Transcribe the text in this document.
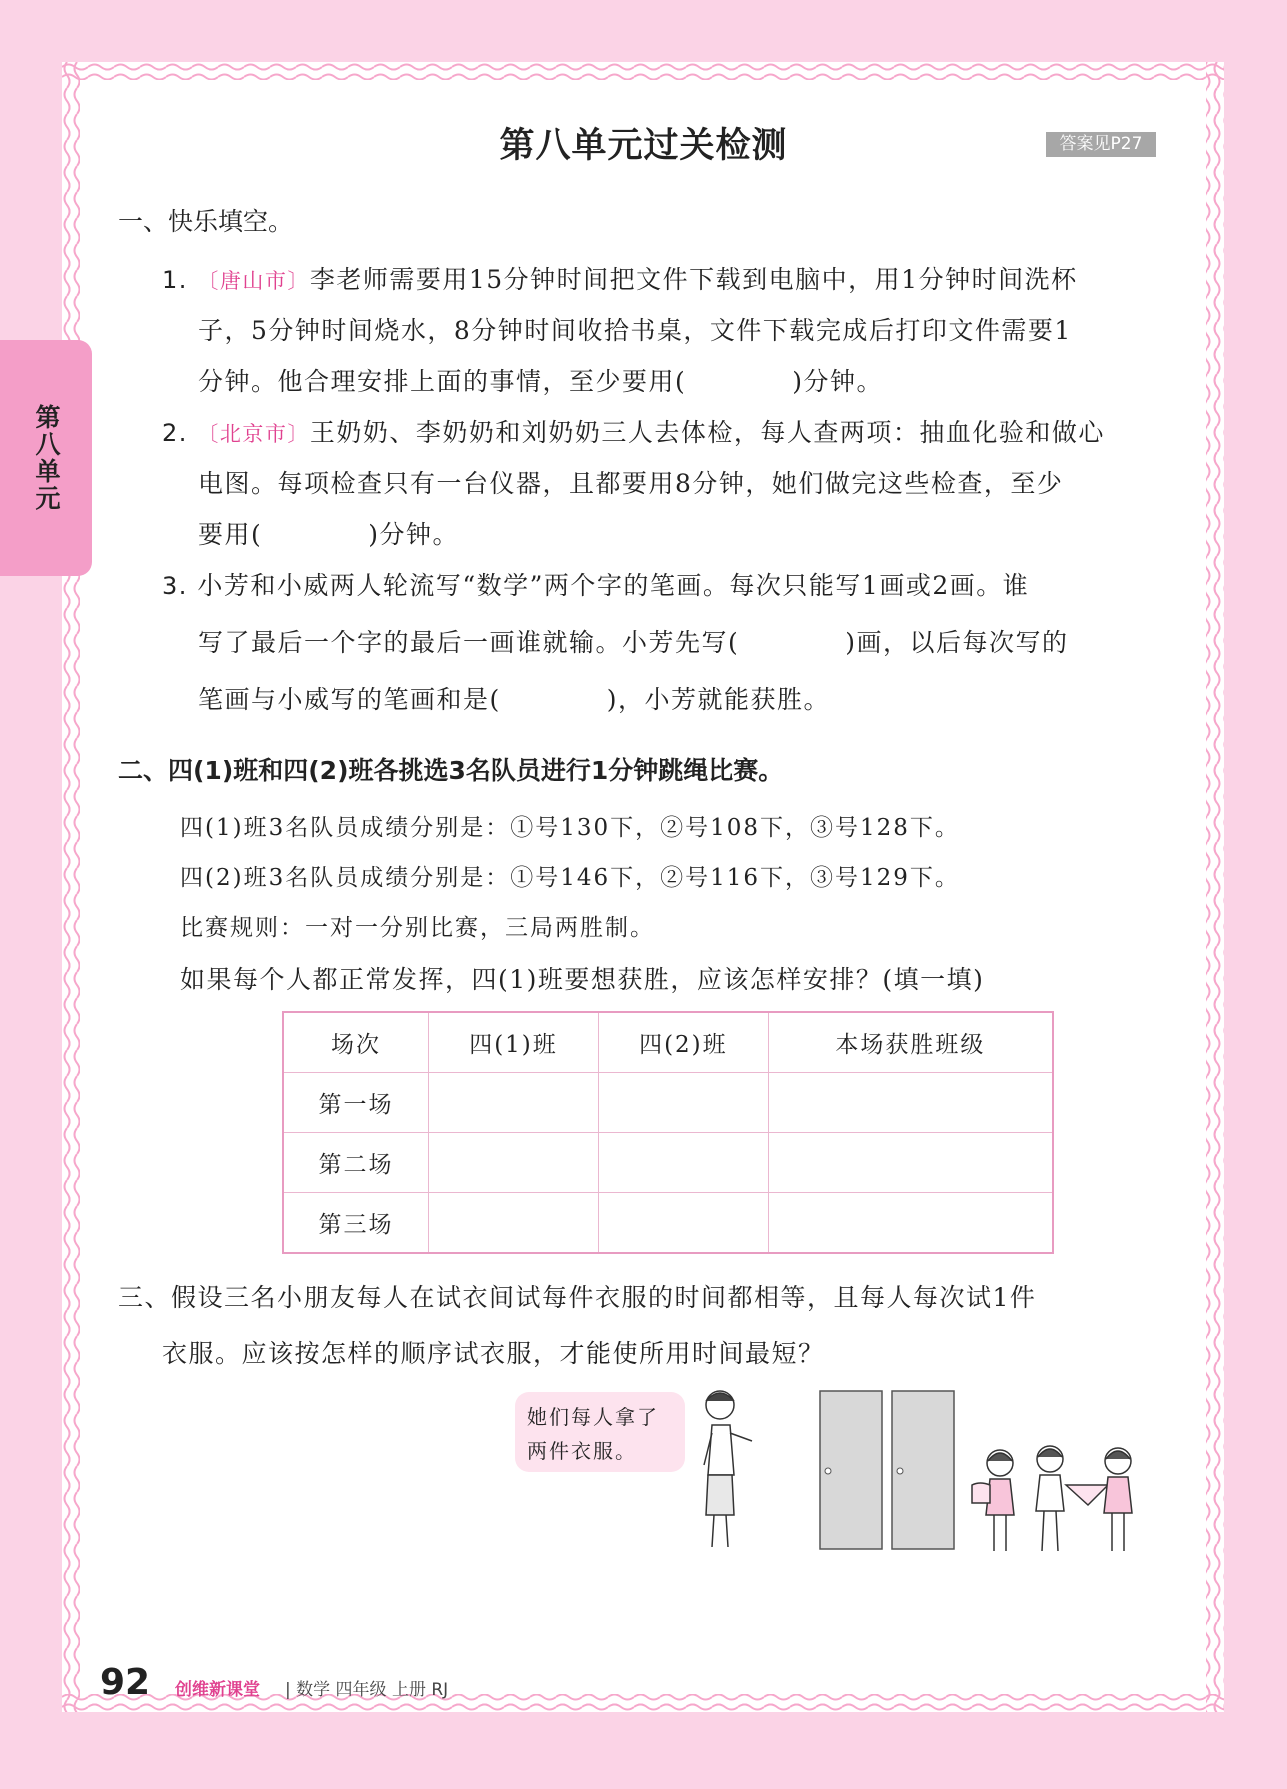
第八单元
第八单元过关检测	答案见P27
一、快乐填空。
1. 〔唐山市〕李老师需要用15分钟时间把文件下载到电脑中，用1分钟时间洗杯
子，5分钟时间烧水，8分钟时间收拾书桌，文件下载完成后打印文件需要1
分钟。他合理安排上面的事情，至少要用(　　　　)分钟。
2. 〔北京市〕王奶奶、李奶奶和刘奶奶三人去体检，每人查两项：抽血化验和做心
电图。每项检查只有一台仪器，且都要用8分钟，她们做完这些检查，至少
要用(　　　　)分钟。
3. 小芳和小威两人轮流写“数学”两个字的笔画。每次只能写1画或2画。谁
写了最后一个字的最后一画谁就输。小芳先写(　　　　)画，以后每次写的
笔画与小威写的笔画和是(　　　　)，小芳就能获胜。
二、四(1)班和四(2)班各挑选3名队员进行1分钟跳绳比赛。
四(1)班3名队员成绩分别是：①号130下，②号108下，③号128下。
四(2)班3名队员成绩分别是：①号146下，②号116下，③号129下。
比赛规则：一对一分别比赛，三局两胜制。
如果每个人都正常发挥，四(1)班要想获胜，应该怎样安排？(填一填)
场次	四(1)班	四(2)班	本场获胜班级
第一场			
第二场			
第三场			
三、假设三名小朋友每人在试衣间试每件衣服的时间都相等，且每人每次试1件
衣服。应该按怎样的顺序试衣服，才能使所用时间最短？
她们每人拿了
两件衣服。
92 创维新课堂 | 数学 四年级 上册 RJ
